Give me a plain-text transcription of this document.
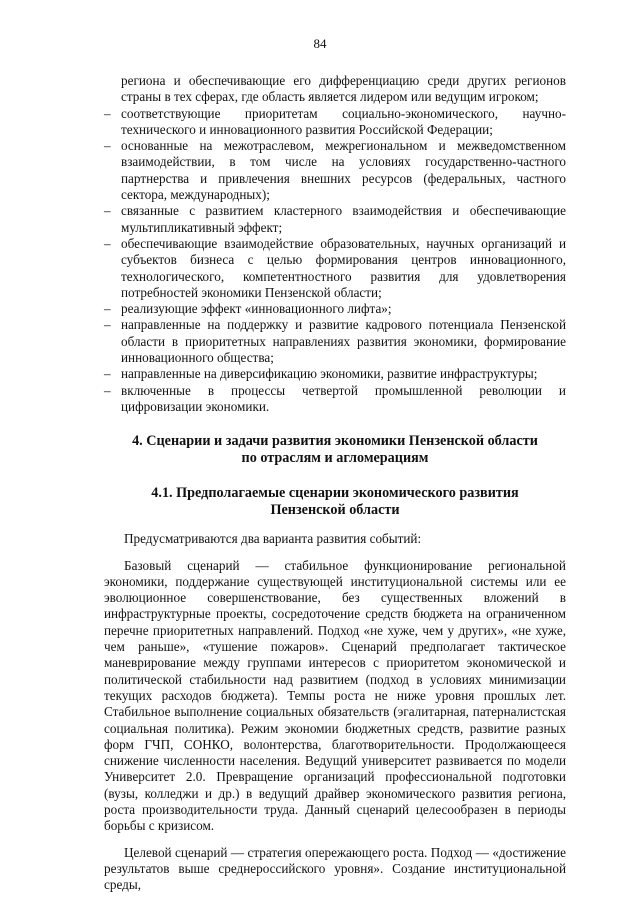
84

региона и обеспечивающие его дифференциацию среди других регионов страны в тех сферах, где область является лидером или ведущим игроком;

– соответствующие приоритетам социально-экономического, научно-технического и инновационного развития Российской Федерации;
– основанные на межотраслевом, межрегиональном и межведомственном взаимодействии, в том числе на условиях государственно-частного партнерства и привлечения внешних ресурсов (федеральных, частного сектора, международных);
– связанные с развитием кластерного взаимодействия и обеспечивающие мультипликативный эффект;
– обеспечивающие взаимодействие образовательных, научных организаций и субъектов бизнеса с целью формирования центров инновационного, технологического, компетентностного развития для удовлетворения потребностей экономики Пензенской области;
– реализующие эффект «инновационного лифта»;
– направленные на поддержку и развитие кадрового потенциала Пензенской области в приоритетных направлениях развития экономики, формирование инновационного общества;
– направленные на диверсификацию экономики, развитие инфраструктуры;
– включенные в процессы четвертой промышленной революции и цифровизации экономики.
4. Сценарии и задачи развития экономики Пензенской области
по отраслям и агломерациям
4.1. Предполагаемые сценарии экономического развития
Пензенской области

Предусматриваются два варианта развития событий:

Базовый сценарий — стабильное функционирование региональной экономики, поддержание существующей институциональной системы или ее эволюционное совершенствование, без существенных вложений в инфраструктурные проекты, сосредоточение средств бюджета на ограниченном перечне приоритетных направлений. Подход «не хуже, чем у других», «не хуже, чем раньше», «тушение пожаров». Сценарий предполагает тактическое маневрирование между группами интересов с приоритетом экономической и политической стабильности над развитием (подход в условиях минимизации текущих расходов бюджета). Темпы роста не ниже уровня прошлых лет. Стабильное выполнение социальных обязательств (эгалитарная, патерналистская социальная политика). Режим экономии бюджетных средств, развитие разных форм ГЧП, СОНКО, волонтерства, благотворительности. Продолжающееся снижение численности населения. Ведущий университет развивается по модели Университет 2.0. Превращение организаций профессиональной подготовки (вузы, колледжи и др.) в ведущий драйвер экономического развития региона, роста производительности труда. Данный сценарий целесообразен в периоды борьбы с кризисом.

Целевой сценарий — стратегия опережающего роста. Подход — «достижение результатов выше среднероссийского уровня». Создание институциональной среды,
